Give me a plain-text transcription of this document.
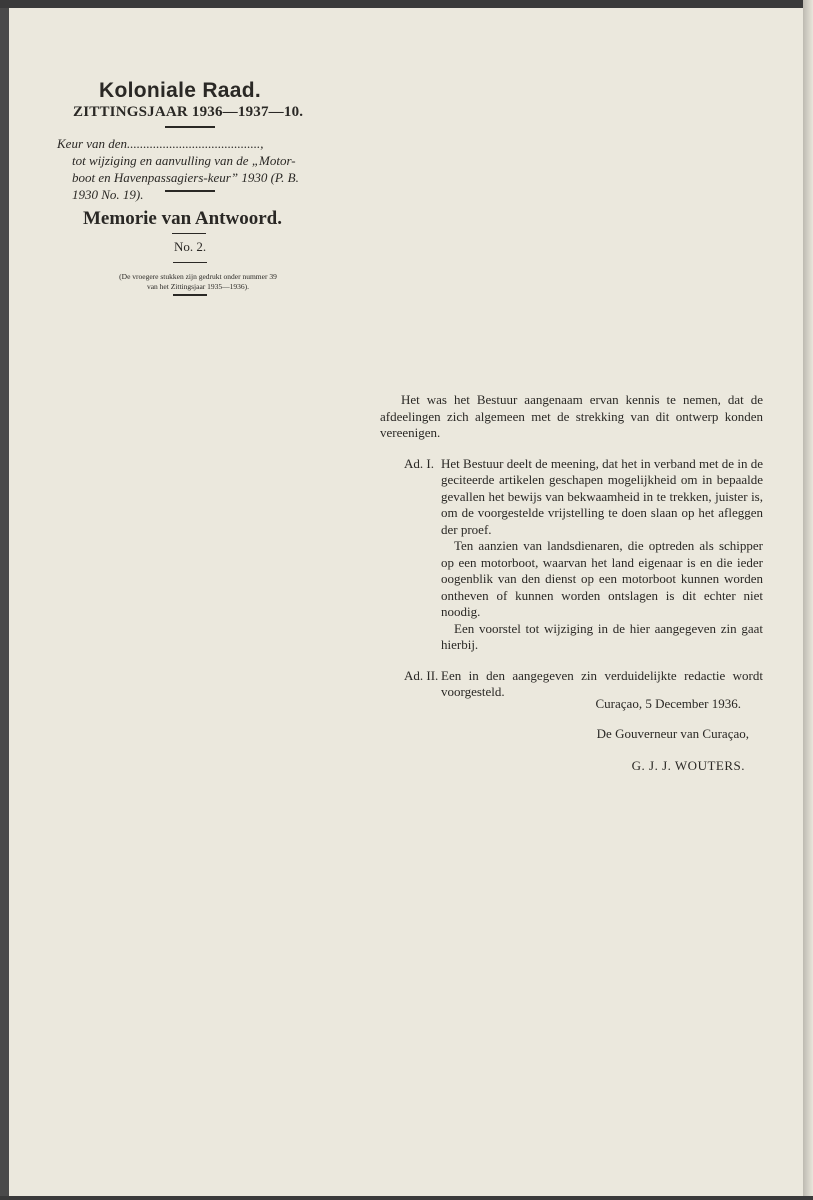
Koloniale Raad.
ZITTINGSJAAR 1936—1937—10.
Keur van den.........................................,
tot wijziging en aanvulling van de „Motor-
boot en Havenpassagiers-keur” 1930 (P. B.
1930 No. 19).
Memorie van Antwoord.
No. 2.
(De vroegere stukken zijn gedrukt onder nummer 39
van het Zittingsjaar 1935—1936).

Het was het Bestuur aangenaam ervan kennis te nemen, dat de afdeelingen zich algemeen met de strekking van dit ontwerp konden vereenigen.

Ad. I. Het Bestuur deelt de meening, dat het in verband met de in de geciteerde artikelen geschapen mogelijkheid om in bepaalde gevallen het bewijs van bekwaamheid in te trekken, juister is, om de voorgestelde vrijstelling te doen slaan op het afleggen der proef.

Ten aanzien van landsdienaren, die optreden als schipper op een motorboot, waarvan het land eigenaar is en die ieder oogenblik van den dienst op een motorboot kunnen worden ontheven of kunnen worden ontslagen is dit echter niet noodig.

Een voorstel tot wijziging in de hier aangegeven zin gaat hierbij.

Ad. II. Een in den aangegeven zin verduidelijkte redactie wordt voorgesteld.

Curaçao, 5 December 1936.
De Gouverneur van Curaçao,
G. J. J. WOUTERS.
